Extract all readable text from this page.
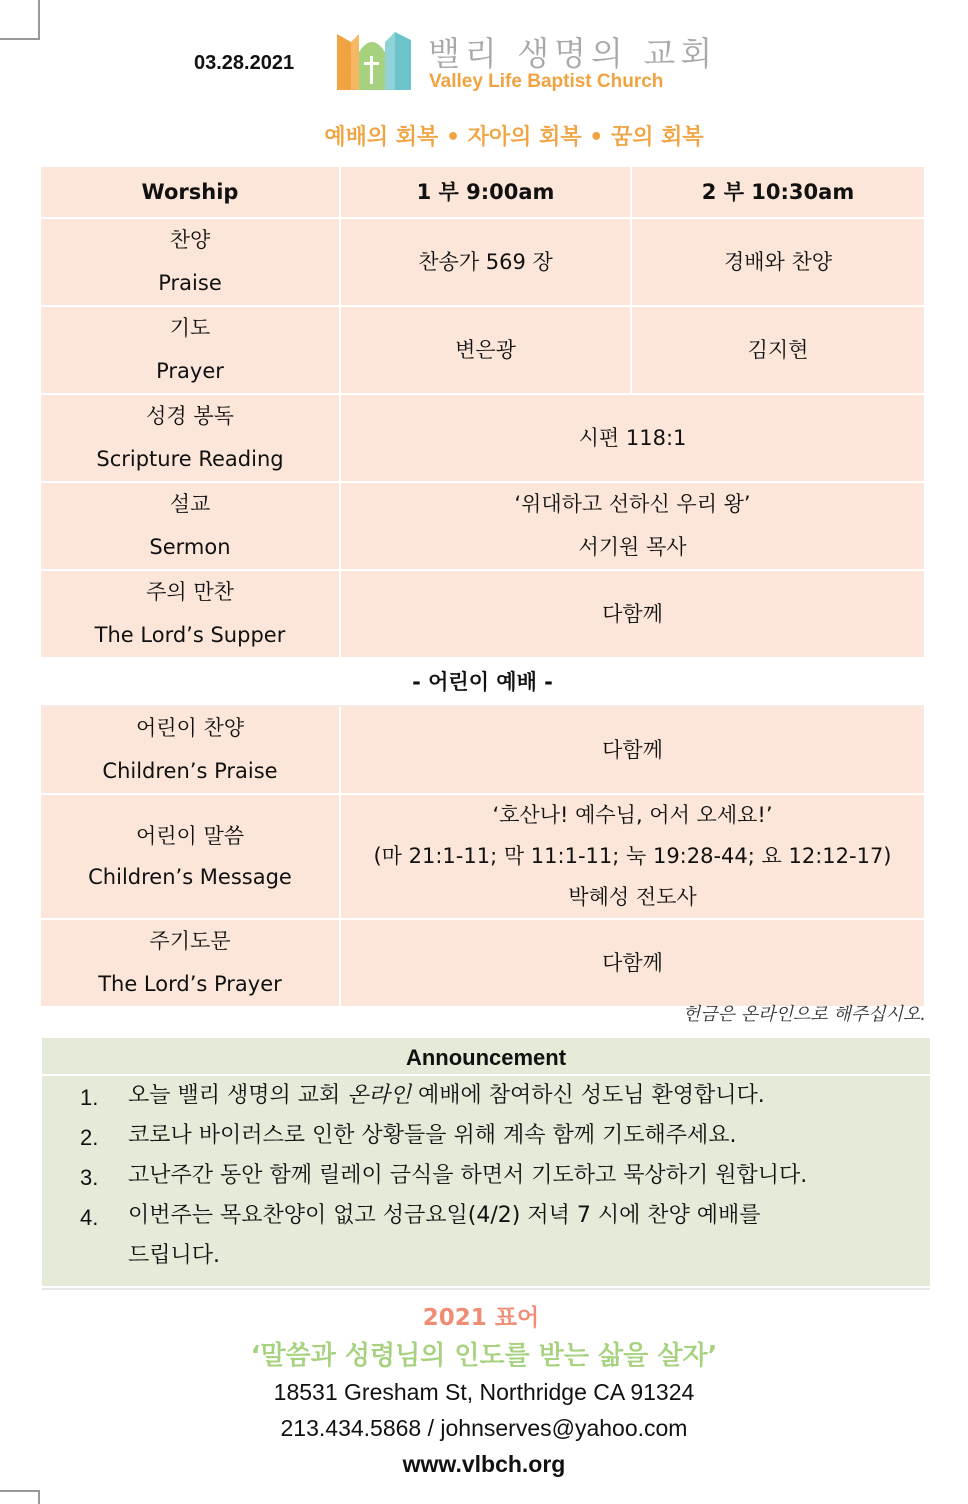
03.28.2021	밸리 생명의 교회
Valley Life Baptist Church
예배의 회복 • 자아의 회복 • 꿈의 회복
Worship	1 부 9:00am	2 부 10:30am

찬양
Praise	찬송가 569 장	경배와 찬양

기도
Prayer	변은광	김지현

성경 봉독
Scripture Reading	시편 118:1	

설교
Sermon	‘위대하고 선하신 우리 왕’
서기원 목사	

주의 만찬
The Lord’s Supper	다함께	
- 어린이 예배 -		

어린이 찬양
Children’s Praise	다함께	

어린이 말씀
Children’s Message	‘호산나! 예수님, 어서 오세요!’
(마 21:1-11; 막 11:1-11; 눅 19:28-44; 요 12:12-17)
박혜성 전도사	

주기도문
The Lord’s Prayer	다함께	
헌금은 온라인으로 해주십시오.
Announcement
1. 오늘 밸리 생명의 교회 온라인 예배에 참여하신 성도님 환영합니다.
2. 코로나 바이러스로 인한 상황들을 위해 계속 함께 기도해주세요.
3. 고난주간 동안 함께 릴레이 금식을 하면서 기도하고 묵상하기 원합니다.
4. 이번주는 목요찬양이 없고 성금요일(4/2) 저녁 7 시에 찬양 예배를
드립니다.
2021 표어
‘말씀과 성령님의 인도를 받는 삶을 살자’
18531 Gresham St, Northridge CA 91324
213.434.5868 / johnserves@yahoo.com
www.vlbch.org
